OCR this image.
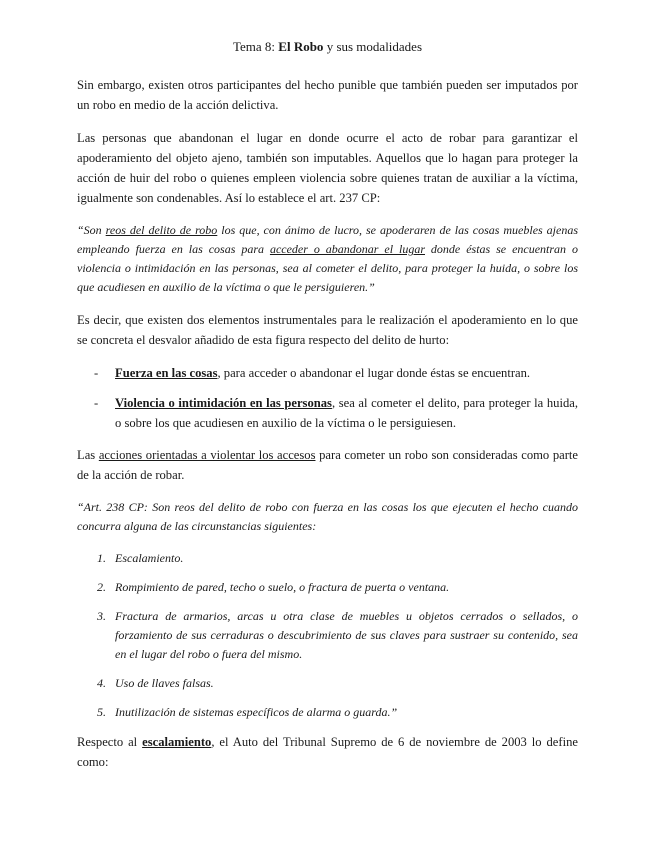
Tema 8: El Robo y sus modalidades

Sin embargo, existen otros participantes del hecho punible que también pueden ser imputados por un robo en medio de la acción delictiva.

Las personas que abandonan el lugar en donde ocurre el acto de robar para garantizar el apoderamiento del objeto ajeno, también son imputables. Aquellos que lo hagan para proteger la acción de huir del robo o quienes empleen violencia sobre quienes tratan de auxiliar a la víctima, igualmente son condenables. Así lo establece el art. 237 CP:

“Son reos del delito de robo los que, con ánimo de lucro, se apoderaren de las cosas muebles ajenas empleando fuerza en las cosas para acceder o abandonar el lugar donde éstas se encuentran o violencia o intimidación en las personas, sea al cometer el delito, para proteger la huida, o sobre los que acudiesen en auxilio de la víctima o que le persiguieren.”

Es decir, que existen dos elementos instrumentales para le realización el apoderamiento en lo que se concreta el desvalor añadido de esta figura respecto del delito de hurto:

- Fuerza en las cosas, para acceder o abandonar el lugar donde éstas se encuentran.
- Violencia o intimidación en las personas, sea al cometer el delito, para proteger la huida, o sobre los que acudiesen en auxilio de la víctima o le persiguiesen.

Las acciones orientadas a violentar los accesos para cometer un robo son consideradas como parte de la acción de robar.

“Art. 238 CP: Son reos del delito de robo con fuerza en las cosas los que ejecuten el hecho cuando concurra alguna de las circunstancias siguientes:

1. Escalamiento.
2. Rompimiento de pared, techo o suelo, o fractura de puerta o ventana.
3. Fractura de armarios, arcas u otra clase de muebles u objetos cerrados o sellados, o forzamiento de sus cerraduras o descubrimiento de sus claves para sustraer su contenido, sea en el lugar del robo o fuera del mismo.
4. Uso de llaves falsas.
5. Inutilización de sistemas específicos de alarma o guarda.”

Respecto al escalamiento, el Auto del Tribunal Supremo de 6 de noviembre de 2003 lo define como:
